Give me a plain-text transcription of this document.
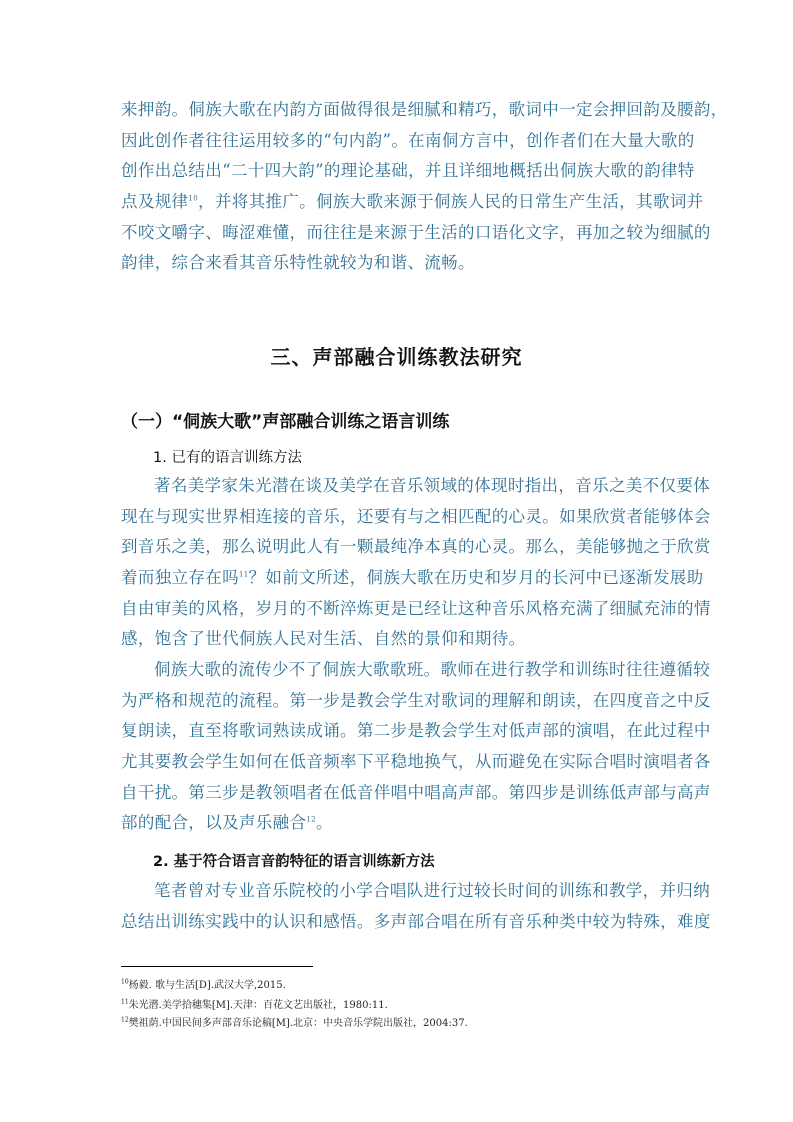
来押韵。侗族大歌在内韵方面做得很是细腻和精巧，歌词中一定会押回韵及腰韵，
因此创作者往往运用较多的“句内韵”。在南侗方言中，创作者们在大量大歌的
创作出总结出“二十四大韵”的理论基础，并且详细地概括出侗族大歌的韵律特
点及规律$^{10}$，并将其推广。侗族大歌来源于侗族人民的日常生产生活，其歌词并
不咬文嚼字、晦涩难懂，而往往是来源于生活的口语化文字，再加之较为细腻的
韵律，综合来看其音乐特性就较为和谐、流畅。
三、声部融合训练教法研究
（一）“侗族大歌”声部融合训练之语言训练
1. 已有的语言训练方法
著名美学家朱光潜在谈及美学在音乐领域的体现时指出，音乐之美不仅要体
现在与现实世界相连接的音乐，还要有与之相匹配的心灵。如果欣赏者能够体会
到音乐之美，那么说明此人有一颗最纯净本真的心灵。那么，美能够抛之于欣赏
着而独立存在吗$^{11}$？如前文所述，侗族大歌在历史和岁月的长河中已逐渐发展助
自由审美的风格，岁月的不断淬炼更是已经让这种音乐风格充满了细腻充沛的情
感，饱含了世代侗族人民对生活、自然的景仰和期待。
侗族大歌的流传少不了侗族大歌歌班。歌师在进行教学和训练时往往遵循较
为严格和规范的流程。第一步是教会学生对歌词的理解和朗读，在四度音之中反
复朗读，直至将歌词熟读成诵。第二步是教会学生对低声部的演唱，在此过程中
尤其要教会学生如何在低音频率下平稳地换气，从而避免在实际合唱时演唱者各
自干扰。第三步是教领唱者在低音伴唱中唱高声部。第四步是训练低声部与高声
部的配合，以及声乐融合$^{12}$。
2. 基于符合语言音韵特征的语言训练新方法
笔者曾对专业音乐院校的小学合唱队进行过较长时间的训练和教学，并归纳
总结出训练实践中的认识和感悟。多声部合唱在所有音乐种类中较为特殊，难度
$^{10}$杨毅. 歌与生活[D].武汉大学,2015.
$^{11}$朱光潜.美学拾穗集[M].天津：百花文艺出版社，1980:11.
$^{12}$樊祖荫.中国民间多声部音乐论稿[M].北京：中央音乐学院出版社，2004:37.
